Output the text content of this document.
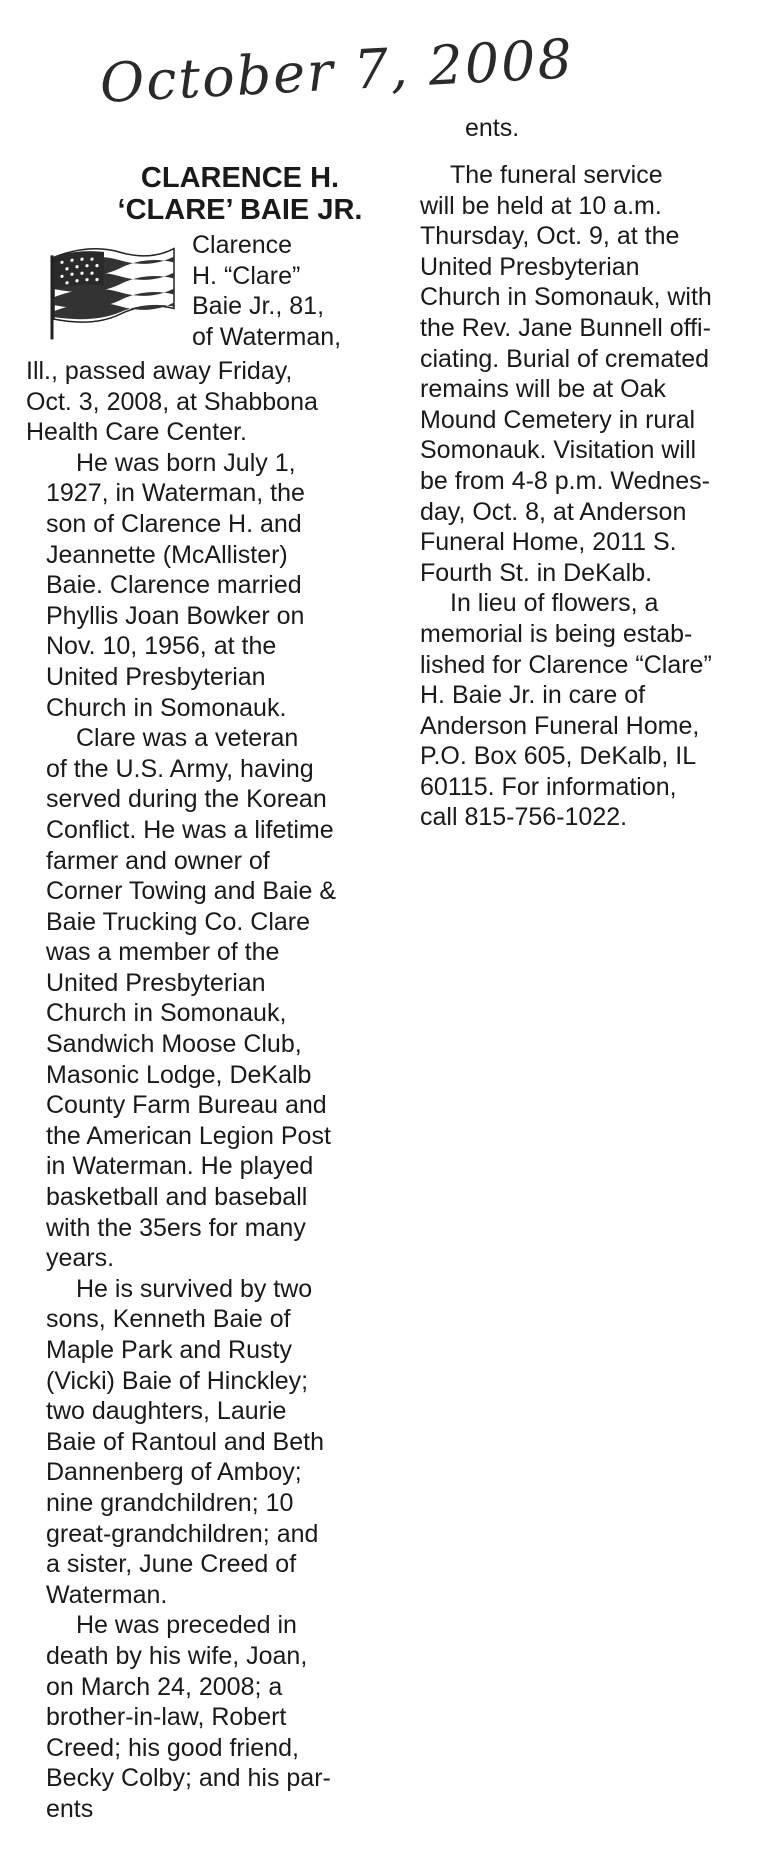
October 7, 2008
ents.
CLARENCE H.
‘CLARE’ BAIE JR.
Clarence
H. “Clare”
Baie Jr., 81,
of Waterman,
Ill., passed away Friday,
Oct. 3, 2008, at Shabbona
Health Care Center.
He was born July 1,
1927, in Waterman, the
son of Clarence H. and
Jeannette (McAllister)
Baie. Clarence married
Phyllis Joan Bowker on
Nov. 10, 1956, at the
United Presbyterian
Church in Somonauk.
Clare was a veteran
of the U.S. Army, having
served during the Korean
Conflict. He was a lifetime
farmer and owner of
Corner Towing and Baie &
Baie Trucking Co. Clare
was a member of the
United Presbyterian
Church in Somonauk,
Sandwich Moose Club,
Masonic Lodge, DeKalb
County Farm Bureau and
the American Legion Post
in Waterman. He played
basketball and baseball
with the 35ers for many
years.
He is survived by two
sons, Kenneth Baie of
Maple Park and Rusty
(Vicki) Baie of Hinckley;
two daughters, Laurie
Baie of Rantoul and Beth
Dannenberg of Amboy;
nine grandchildren; 10
great-grandchildren; and
a sister, June Creed of
Waterman.
He was preceded in
death by his wife, Joan,
on March 24, 2008; a
brother-in-law, Robert
Creed; his good friend,
Becky Colby; and his par-
ents
The funeral service
will be held at 10 a.m.
Thursday, Oct. 9, at the
United Presbyterian
Church in Somonauk, with
the Rev. Jane Bunnell offi-
ciating. Burial of cremated
remains will be at Oak
Mound Cemetery in rural
Somonauk. Visitation will
be from 4-8 p.m. Wednes-
day, Oct. 8, at Anderson
Funeral Home, 2011 S.
Fourth St. in DeKalb.
In lieu of flowers, a
memorial is being estab-
lished for Clarence “Clare”
H. Baie Jr. in care of
Anderson Funeral Home,
P.O. Box 605, DeKalb, IL
60115. For information,
call 815-756-1022.
